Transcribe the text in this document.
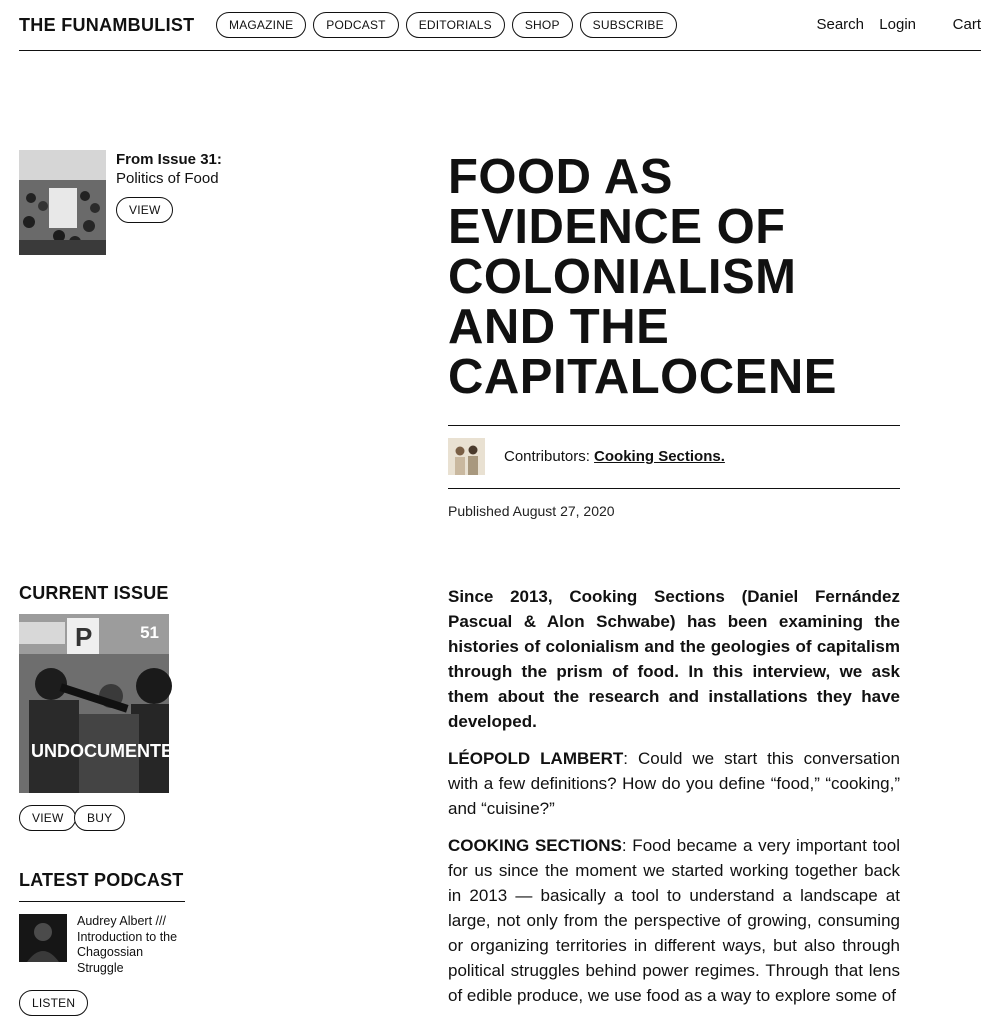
THE FUNAMBULIST	MAGAZINE	PODCAST	EDITORIALS	SHOP	SUBSCRIBE	Search Login Cart
From Issue 31:
Politics of Food
VIEW
FOOD AS EVIDENCE OF COLONIALISM AND THE CAPITALOCENE
Contributors: Cooking Sections.
Published August 27, 2020
CURRENT ISSUE
P	51
UNDOCUMENTED INTERNATIONAL
VIEW	BUY
LATEST PODCAST
Audrey Albert /// Introduction to the Chagossian Struggle
LISTEN

Since 2013, Cooking Sections (Daniel Fernández Pascual & Alon Schwabe) has been examining the histories of colonialism and the geologies of capitalism through the prism of food. In this interview, we ask them about the research and installations they have developed.

LÉOPOLD LAMBERT: Could we start this conversation with a few definitions? How do you define “food,” “cooking,” and “cuisine?”

COOKING SECTIONS: Food became a very important tool for us since the moment we started working together back in 2013 — basically a tool to understand a landscape at large, not only from the perspective of growing, consuming or organizing territories in different ways, but also through political struggles behind power regimes. Through that lens of edible produce, we use food as a way to explore some of
